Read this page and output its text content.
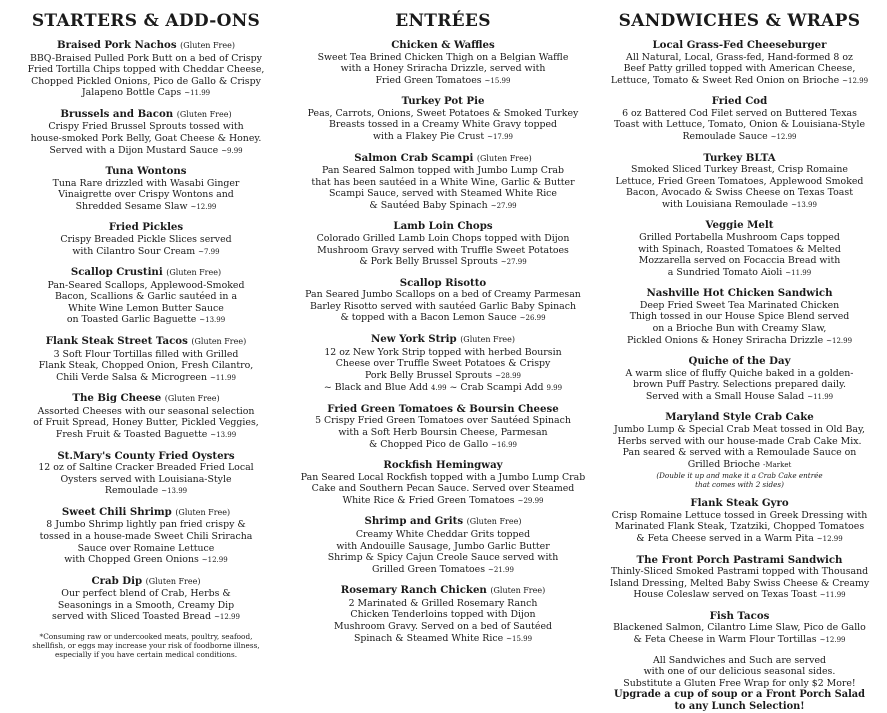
STARTERS & ADD-ONS
Braised Pork Nachos (Gluten Free)
BBQ-Braised Pulled Pork Butt on a bed of Crispy
Fried Tortilla Chips topped with Cheddar Cheese,
Chopped Pickled Onions, Pico de Gallo & Crispy
Jalapeno Bottle Caps ~11.99
Brussels and Bacon (Gluten Free)
Crispy Fried Brussel Sprouts tossed with
house-smoked Pork Belly, Goat Cheese & Honey.
Served with a Dijon Mustard Sauce ~9.99
Tuna Wontons
Tuna Rare drizzled with Wasabi Ginger
Vinaigrette over Crispy Wontons and
Shredded Sesame Slaw ~12.99
Fried Pickles
Crispy Breaded Pickle Slices served
with Cilantro Sour Cream ~7.99
Scallop Crustini (Gluten Free)
Pan-Seared Scallops, Applewood-Smoked
Bacon, Scallions & Garlic sautéed in a
White Wine Lemon Butter Sauce
on Toasted Garlic Baguette ~13.99
Flank Steak Street Tacos (Gluten Free)
3 Soft Flour Tortillas filled with Grilled
Flank Steak, Chopped Onion, Fresh Cilantro,
Chili Verde Salsa & Microgreen ~11.99
The Big Cheese (Gluten Free)
Assorted Cheeses with our seasonal selection
of Fruit Spread, Honey Butter, Pickled Veggies,
Fresh Fruit & Toasted Baguette ~13.99
St.Mary's County Fried Oysters
12 oz of Saltine Cracker Breaded Fried Local
Oysters served with Louisiana-Style
Remoulade ~13.99
Sweet Chili Shrimp (Gluten Free)
8 Jumbo Shrimp lightly pan fried crispy &
tossed in a house-made Sweet Chili Sriracha
Sauce over Romaine Lettuce
with Chopped Green Onions ~12.99
Crab Dip (Gluten Free)
Our perfect blend of Crab, Herbs &
Seasonings in a Smooth, Creamy Dip
served with Sliced Toasted Bread ~12.99
*Consuming raw or undercooked meats, poultry, seafood,
shellfish, or eggs may increase your risk of foodborne illness,
especially if you have certain medical conditions.
ENTRÉES
Chicken & Waffles
Sweet Tea Brined Chicken Thigh on a Belgian Waffle
with a Honey Sriracha Drizzle, served with
Fried Green Tomatoes ~15.99
Turkey Pot Pie
Peas, Carrots, Onions, Sweet Potatoes & Smoked Turkey
Breasts tossed in a Creamy White Gravy topped
with a Flakey Pie Crust ~17.99
Salmon Crab Scampi (Gluten Free)
Pan Seared Salmon topped with Jumbo Lump Crab
that has been sautéed in a White Wine, Garlic & Butter
Scampi Sauce, served with Steamed White Rice
& Sautéed Baby Spinach ~27.99
Lamb Loin Chops
Colorado Grilled Lamb Loin Chops topped with Dijon
Mushroom Gravy served with Truffle Sweet Potatoes
& Pork Belly Brussel Sprouts ~27.99
Scallop Risotto
Pan Seared Jumbo Scallops on a bed of Creamy Parmesan
Barley Risotto served with sautéed Garlic Baby Spinach
& topped with a Bacon Lemon Sauce ~26.99
New York Strip (Gluten Free)
12 oz New York Strip topped with herbed Boursin
Cheese over Truffle Sweet Potatoes & Crispy
Pork Belly Brussel Sprouts ~28.99
~ Black and Blue Add 4.99 ~ Crab Scampi Add 9.99
Fried Green Tomatoes & Boursin Cheese
5 Crispy Fried Green Tomatoes over Sautéed Spinach
with a Soft Herb Boursin Cheese, Parmesan
& Chopped Pico de Gallo ~16.99
Rockfish Hemingway
Pan Seared Local Rockfish topped with a Jumbo Lump Crab
Cake and Southern Pecan Sauce. Served over Steamed
White Rice & Fried Green Tomatoes ~29.99
Shrimp and Grits (Gluten Free)
Creamy White Cheddar Grits topped
with Andouille Sausage, Jumbo Garlic Butter
Shrimp & Spicy Cajun Creole Sauce served with
Grilled Green Tomatoes ~21.99
Rosemary Ranch Chicken (Gluten Free)
2 Marinated & Grilled Rosemary Ranch
Chicken Tenderloins topped with Dijon
Mushroom Gravy. Served on a bed of Sautéed
Spinach & Steamed White Rice ~15.99
SANDWICHES & WRAPS
Local Grass-Fed Cheeseburger
All Natural, Local, Grass-fed, Hand-formed 8 oz
Beef Patty grilled topped with American Cheese,
Lettuce, Tomato & Sweet Red Onion on Brioche ~12.99
Fried Cod
6 oz Battered Cod Filet served on Buttered Texas
Toast with Lettuce, Tomato, Onion & Louisiana-Style
Remoulade Sauce ~12.99
Turkey BLTA
Smoked Sliced Turkey Breast, Crisp Romaine
Lettuce, Fried Green Tomatoes, Applewood Smoked
Bacon, Avocado & Swiss Cheese on Texas Toast
with Louisiana Remoulade ~13.99
Veggie Melt
Grilled Portabella Mushroom Caps topped
with Spinach, Roasted Tomatoes & Melted
Mozzarella served on Focaccia Bread with
a Sundried Tomato Aioli ~11.99
Nashville Hot Chicken Sandwich
Deep Fried Sweet Tea Marinated Chicken
Thigh tossed in our House Spice Blend served
on a Brioche Bun with Creamy Slaw,
Pickled Onions & Honey Sriracha Drizzle ~12.99
Quiche of the Day
A warm slice of fluffy Quiche baked in a golden-
brown Puff Pastry. Selections prepared daily.
Served with a Small House Salad ~11.99
Maryland Style Crab Cake
Jumbo Lump & Special Crab Meat tossed in Old Bay,
Herbs served with our house-made Crab Cake Mix.
Pan seared & served with a Remoulade Sauce on
Grilled Brioche -Market
(Double it up and make it a Crab Cake entrée
that comes with 2 sides)
Flank Steak Gyro
Crisp Romaine Lettuce tossed in Greek Dressing with
Marinated Flank Steak, Tzatziki, Chopped Tomatoes
& Feta Cheese served in a Warm Pita ~12.99
The Front Porch Pastrami Sandwich
Thinly-Sliced Smoked Pastrami topped with Thousand
Island Dressing, Melted Baby Swiss Cheese & Creamy
House Coleslaw served on Texas Toast ~11.99
Fish Tacos
Blackened Salmon, Cilantro Lime Slaw, Pico de Gallo
& Feta Cheese in Warm Flour Tortillas ~12.99
All Sandwiches and Such are served
with one of our delicious seasonal sides.
Substitute a Gluten Free Wrap for only $2 More!
Upgrade a cup of soup or a Front Porch Salad
to any Lunch Selection!
